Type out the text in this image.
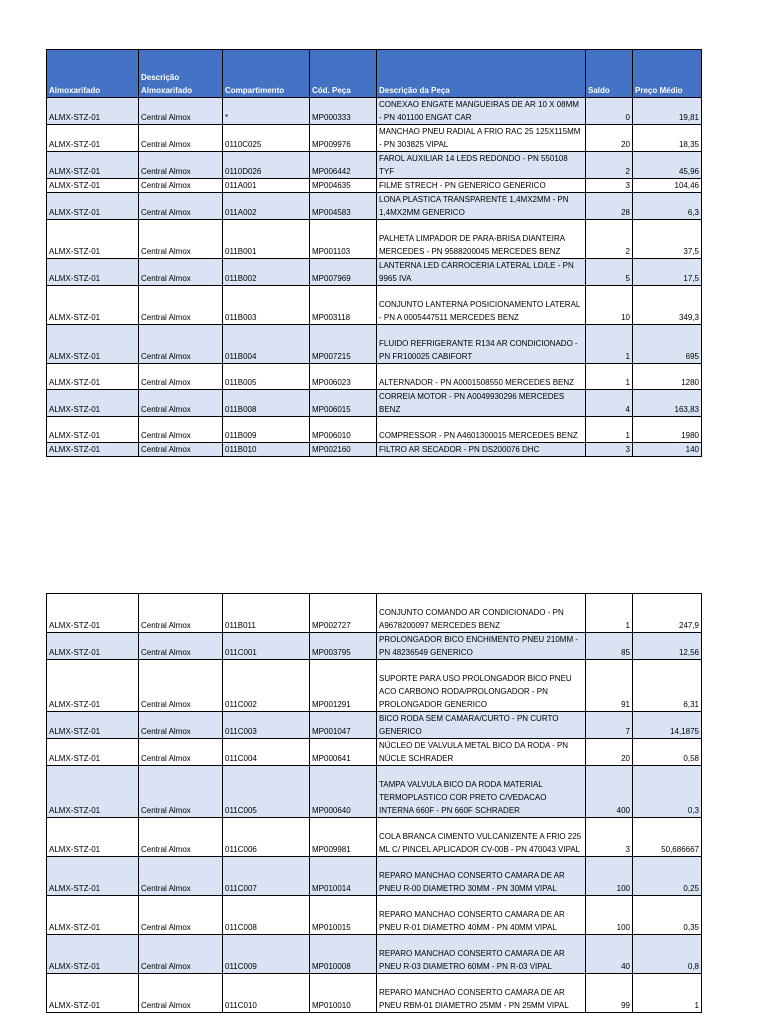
Almoxarifado	Descrição Almoxarifado	Compartimento	Cód. Peça	Descrição da Peça	Saldo	Preço Médio
ALMX-STZ-01	Central Almox	*	MP000333	CONEXAO ENGATE MANGUEIRAS DE AR 10 X 08MM - PN 401100 ENGAT CAR	0	19,81
ALMX-STZ-01	Central Almox	0110C025	MP009976	MANCHAO PNEU RADIAL A FRIO RAC 25 125X115MM - PN 303825 VIPAL	20	18,35
ALMX-STZ-01	Central Almox	0110D026	MP006442	FAROL AUXILIAR 14 LEDS REDONDO - PN 550108 TYF	2	45,96
ALMX-STZ-01	Central Almox	011A001	MP004635	FILME STRECH - PN GENERICO GENERICO	3	104,46
ALMX-STZ-01	Central Almox	011A002	MP004583	LONA PLASTICA TRANSPARENTE 1,4MX2MM - PN 1,4MX2MM GENERICO	28	6,3
ALMX-STZ-01	Central Almox	011B001	MP001103	PALHETA LIMPADOR DE PARA-BRISA DIANTEIRA MERCEDES - PN 9588200045 MERCEDES BENZ	2	37,5
ALMX-STZ-01	Central Almox	011B002	MP007969	LANTERNA LED CARROCERIA LATERAL LD/LE - PN 9965 IVA	5	17,5
ALMX-STZ-01	Central Almox	011B003	MP003118	CONJUNTO LANTERNA POSICIONAMENTO LATERAL - PN A 0005447511 MERCEDES BENZ	10	349,3
ALMX-STZ-01	Central Almox	011B004	MP007215	FLUIDO REFRIGERANTE R134 AR CONDICIONADO - PN FR100025 CABIFORT	1	695
ALMX-STZ-01	Central Almox	011B005	MP006023	ALTERNADOR - PN A0001508550 MERCEDES BENZ	1	1280
ALMX-STZ-01	Central Almox	011B008	MP006015	CORREIA MOTOR - PN A0049930296 MERCEDES BENZ	4	163,83
ALMX-STZ-01	Central Almox	011B009	MP006010	COMPRESSOR - PN A4601300015 MERCEDES BENZ	1	1980
ALMX-STZ-01	Central Almox	011B010	MP002160	FILTRO AR SECADOR - PN DS200076 DHC	3	140
ALMX-STZ-01	Central Almox	011B011	MP002727	CONJUNTO COMANDO AR CONDICIONADO - PN A9678200097 MERCEDES BENZ	1	247,9
ALMX-STZ-01	Central Almox	011C001	MP003795	PROLONGADOR BICO ENCHIMENTO PNEU 210MM - PN 48236549 GENERICO	85	12,56
ALMX-STZ-01	Central Almox	011C002	MP001291	SUPORTE PARA USO PROLONGADOR BICO PNEU ACO CARBONO RODA/PROLONGADOR - PN PROLONGADOR GENERICO	91	6,31
ALMX-STZ-01	Central Almox	011C003	MP001047	BICO RODA SEM CAMARA/CURTO - PN CURTO GENERICO	7	14,1875
ALMX-STZ-01	Central Almox	011C004	MP000641	NÚCLEO DE VALVULA METAL BICO DA RODA - PN NÚCLE SCHRADER	20	0,58
ALMX-STZ-01	Central Almox	011C005	MP000640	TAMPA VALVULA BICO DA RODA MATERIAL TERMOPLASTICO COR PRETO C/VEDACAO INTERNA 660F - PN 660F SCHRADER	400	0,3
ALMX-STZ-01	Central Almox	011C006	MP009981	COLA BRANCA CIMENTO VULCANIZENTE A FRIO 225 ML C/ PINCEL APLICADOR CV-00B - PN 470043 VIPAL	3	50,686667
ALMX-STZ-01	Central Almox	011C007	MP010014	REPARO MANCHAO CONSERTO CAMARA DE AR PNEU R-00 DIAMETRO 30MM - PN 30MM VIPAL	100	0,25
ALMX-STZ-01	Central Almox	011C008	MP010015	REPARO MANCHAO CONSERTO CAMARA DE AR PNEU R-01 DIAMETRO 40MM - PN 40MM VIPAL	100	0,35
ALMX-STZ-01	Central Almox	011C009	MP010008	REPARO MANCHAO CONSERTO CAMARA DE AR PNEU R-03 DIAMETRO 60MM - PN R-03 VIPAL	40	0,8
ALMX-STZ-01	Central Almox	011C010	MP010010	REPARO MANCHAO CONSERTO CAMARA DE AR PNEU RBM-01 DIAMETRO 25MM - PN 25MM VIPAL	99	1
